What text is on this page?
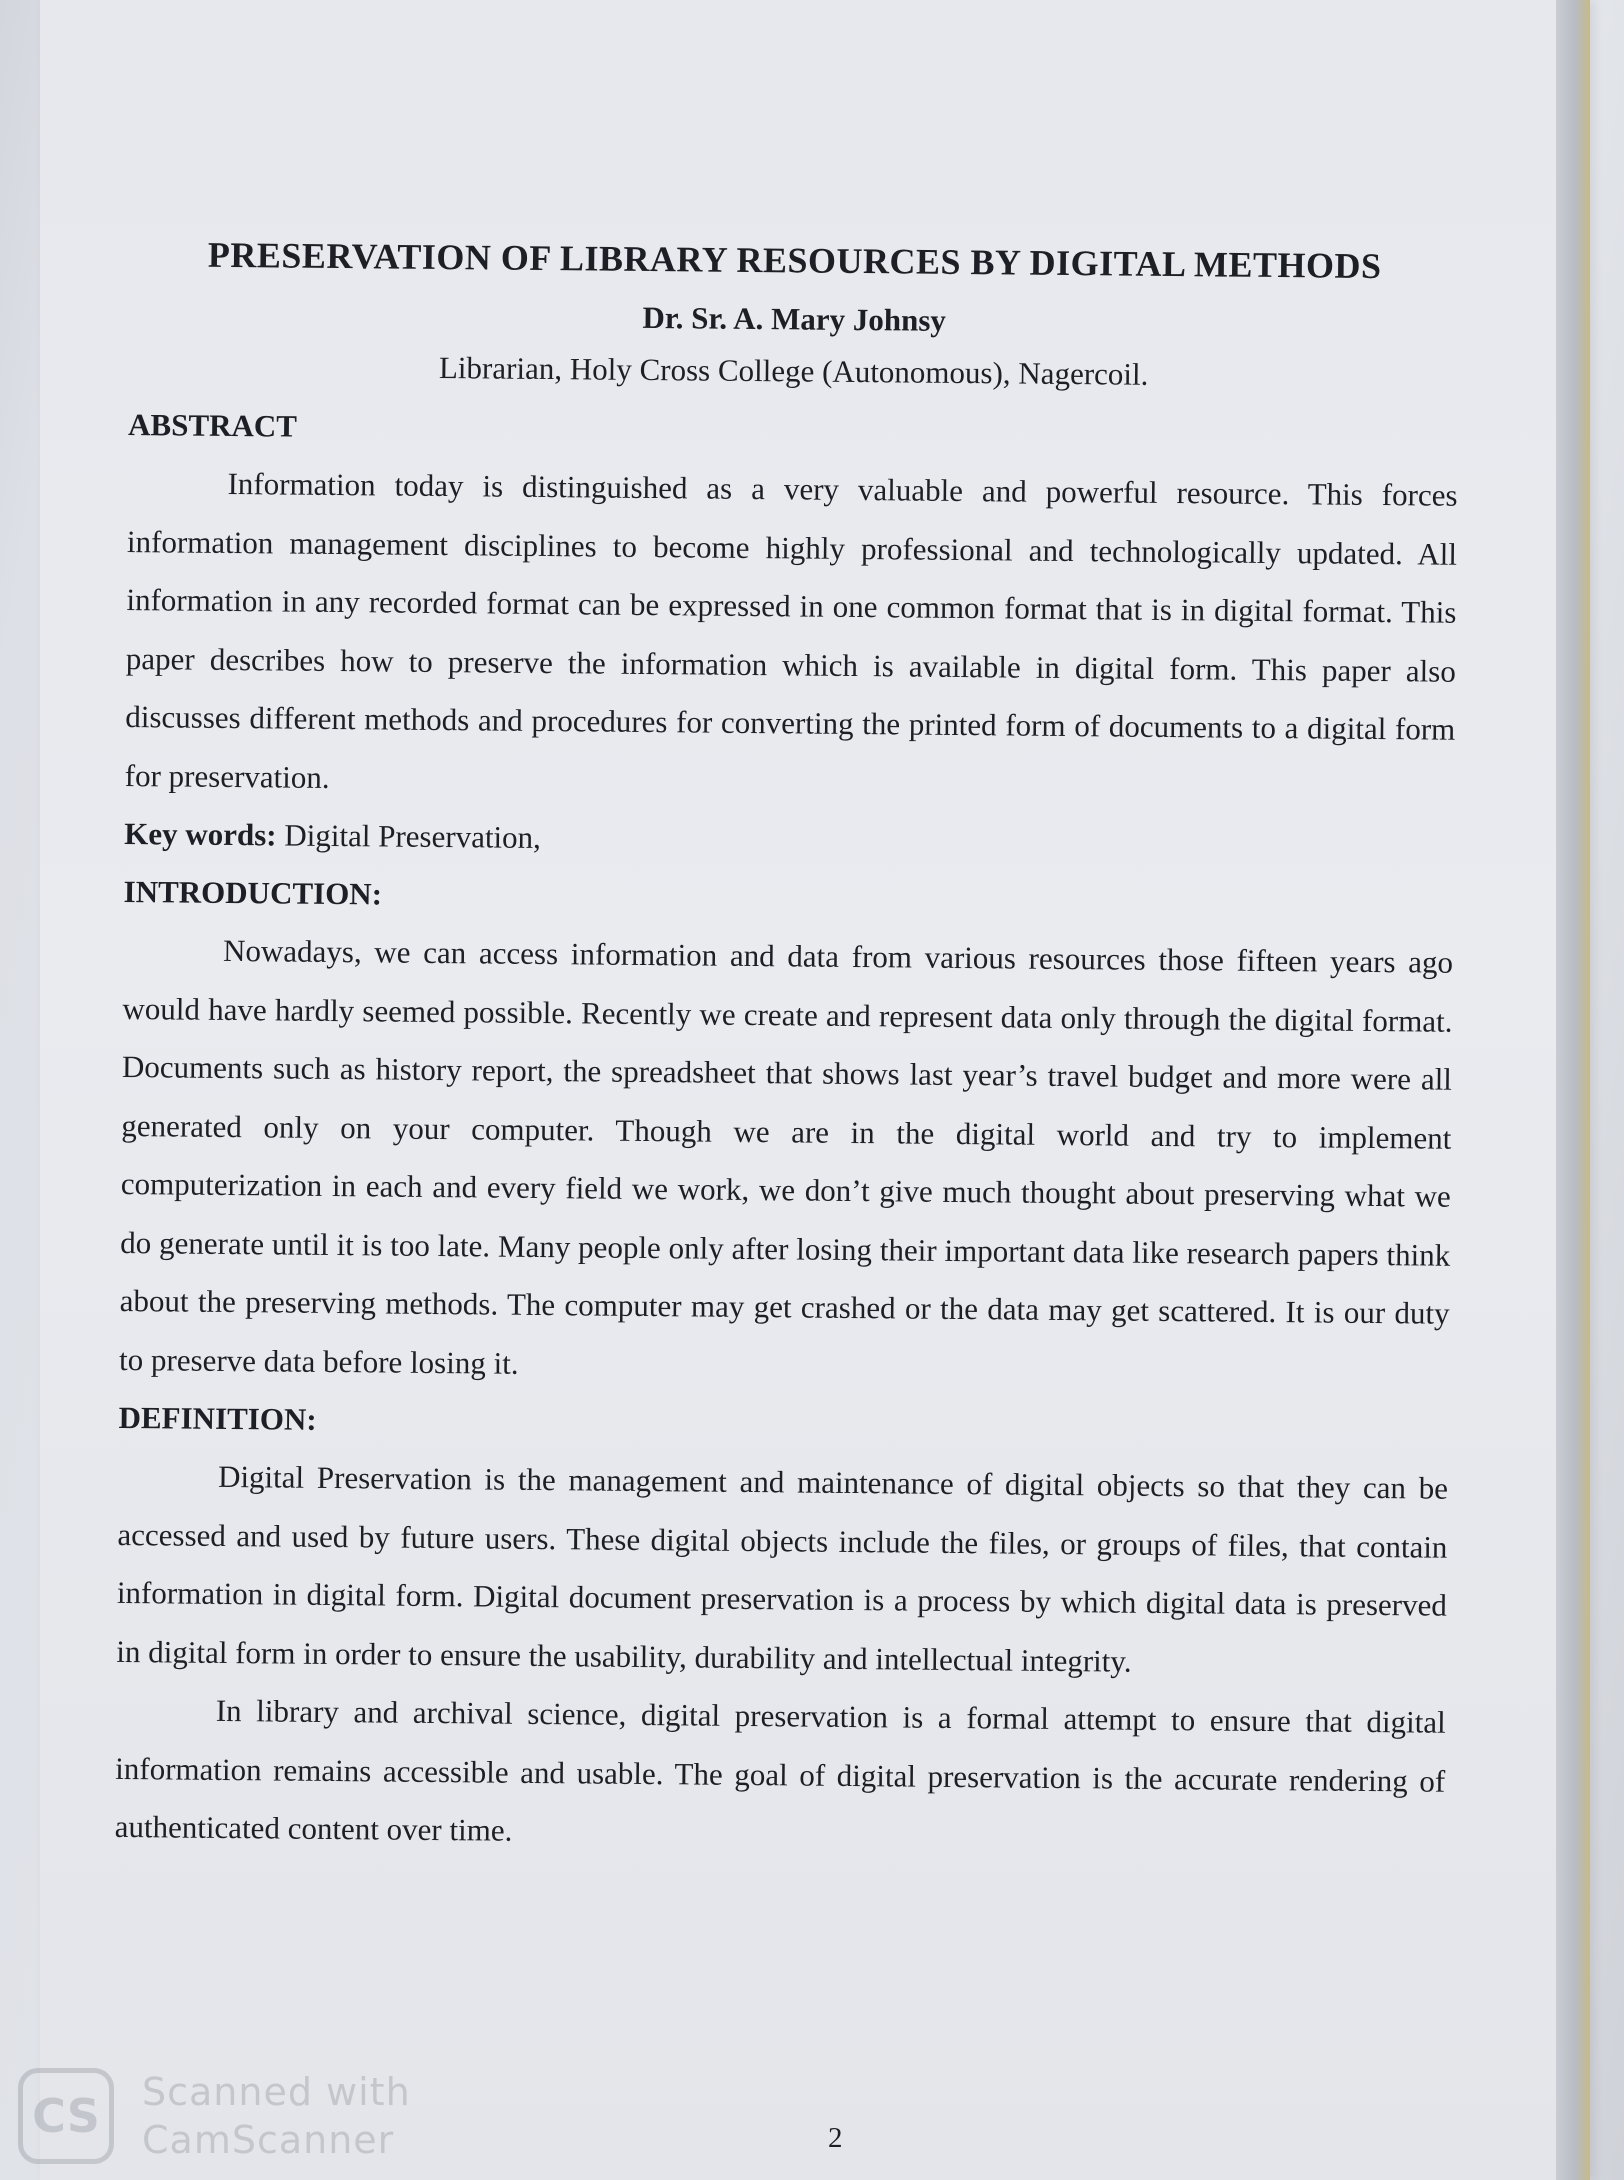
PRESERVATION OF LIBRARY RESOURCES BY DIGITAL METHODS

Dr. Sr. A. Mary Johnsy

Librarian, Holy Cross College (Autonomous), Nagercoil.

ABSTRACT

Information today is distinguished as a very valuable and powerful resource. This forces information management disciplines to become highly professional and technologically updated. All information in any recorded format can be expressed in one common format that is in digital format. This paper describes how to preserve the information which is available in digital form. This paper also discusses different methods and procedures for converting the printed form of documents to a digital form for preservation.

Key words: Digital Preservation,

INTRODUCTION:

Nowadays, we can access information and data from various resources those fifteen years ago would have hardly seemed possible. Recently we create and represent data only through the digital format. Documents such as history report, the spreadsheet that shows last year’s travel budget and more were all generated only on your computer. Though we are in the digital world and try to implement computerization in each and every field we work, we don’t give much thought about preserving what we do generate until it is too late. Many people only after losing their important data like research papers think about the preserving methods. The computer may get crashed or the data may get scattered. It is our duty to preserve data before losing it.

DEFINITION:

Digital Preservation is the management and maintenance of digital objects so that they can be accessed and used by future users. These digital objects include the files, or groups of files, that contain information in digital form. Digital document preservation is a process by which digital data is preserved in digital form in order to ensure the usability, durability and intellectual integrity.

In library and archival science, digital preservation is a formal attempt to ensure that digital information remains accessible and usable. The goal of digital preservation is the accurate rendering of authenticated content over time.

2
CS	Scanned with
CamScanner
